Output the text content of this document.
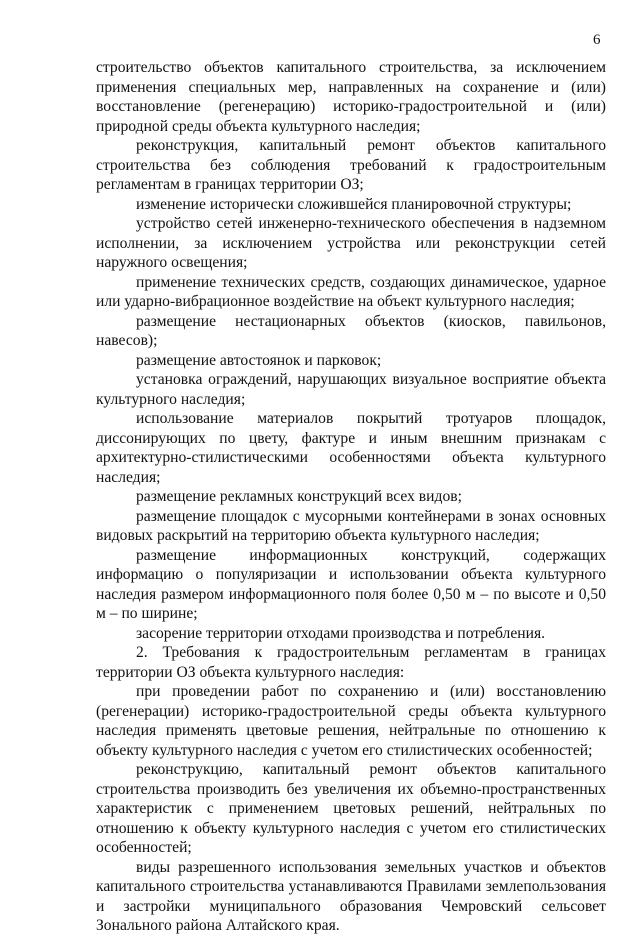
6

строительство объектов капитального строительства, за исключением применения специальных мер, направленных на сохранение и (или) восстановление (регенерацию) историко-градостроительной и (или) природной среды объекта культурного наследия;

реконструкция, капитальный ремонт объектов капитального строительства без соблюдения требований к градостроительным регламентам в границах территории ОЗ;

изменение исторически сложившейся планировочной структуры;

устройство сетей инженерно-технического обеспечения в надземном исполнении, за исключением устройства или реконструкции сетей наружного освещения;

применение технических средств, создающих динамическое, ударное или ударно-вибрационное воздействие на объект культурного наследия;

размещение нестационарных объектов (киосков, павильонов, навесов);

размещение автостоянок и парковок;

установка ограждений, нарушающих визуальное восприятие объекта культурного наследия;

использование материалов покрытий тротуаров площадок, диссонирующих по цвету, фактуре и иным внешним признакам с архитектурно-стилистическими особенностями объекта культурного наследия;

размещение рекламных конструкций всех видов;

размещение площадок с мусорными контейнерами в зонах основных видовых раскрытий на территорию объекта культурного наследия;

размещение информационных конструкций, содержащих информацию о популяризации и использовании объекта культурного наследия размером информационного поля более 0,50 м – по высоте и 0,50 м – по ширине;

засорение территории отходами производства и потребления.

2. Требования к градостроительным регламентам в границах территории ОЗ объекта культурного наследия:

при проведении работ по сохранению и (или) восстановлению (регенерации) историко-градостроительной среды объекта культурного наследия применять цветовые решения, нейтральные по отношению к объекту культурного наследия с учетом его стилистических особенностей;

реконструкцию, капитальный ремонт объектов капитального строительства производить без увеличения их объемно-пространственных характеристик с применением цветовых решений, нейтральных по отношению к объекту культурного наследия с учетом его стилистических особенностей;

виды разрешенного использования земельных участков и объектов капитального строительства устанавливаются Правилами землепользования и застройки муниципального образования Чемровский сельсовет Зонального района Алтайского края.
